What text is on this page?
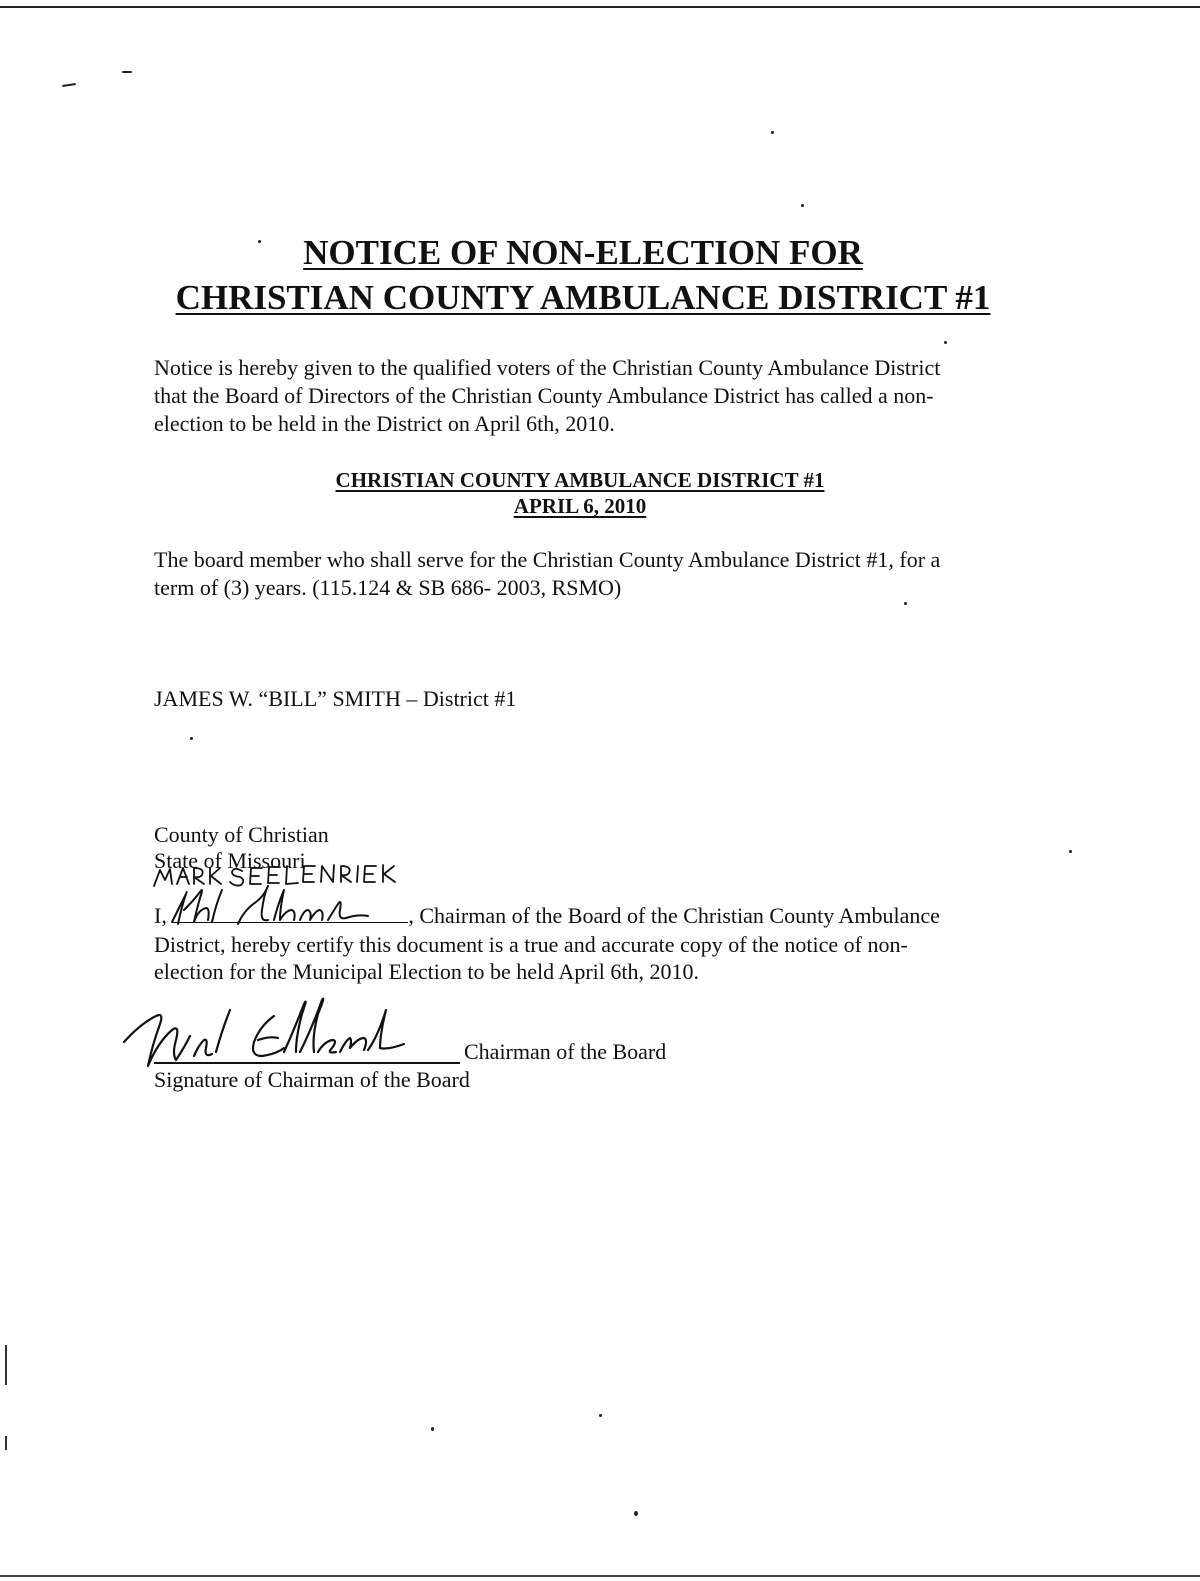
NOTICE OF NON-ELECTION FOR
CHRISTIAN COUNTY AMBULANCE DISTRICT #1
Notice is hereby given to the qualified voters of the Christian County Ambulance District
that the Board of Directors of the Christian County Ambulance District has called a non-
election to be held in the District on April 6th, 2010.
CHRISTIAN COUNTY AMBULANCE DISTRICT #1
APRIL 6, 2010
The board member who shall serve for the Christian County Ambulance District #1, for a
term of (3) years. (115.124 & SB 686- 2003, RSMO)
JAMES W. “BILL” SMITH – District #1
County of Christian
State of Missouri
I,	, Chairman of the Board of the Christian County Ambulance
District, hereby certify this document is a true and accurate copy of the notice of non-
election for the Municipal Election to be held April 6th, 2010.
Chairman of the Board
Signature of Chairman of the Board
